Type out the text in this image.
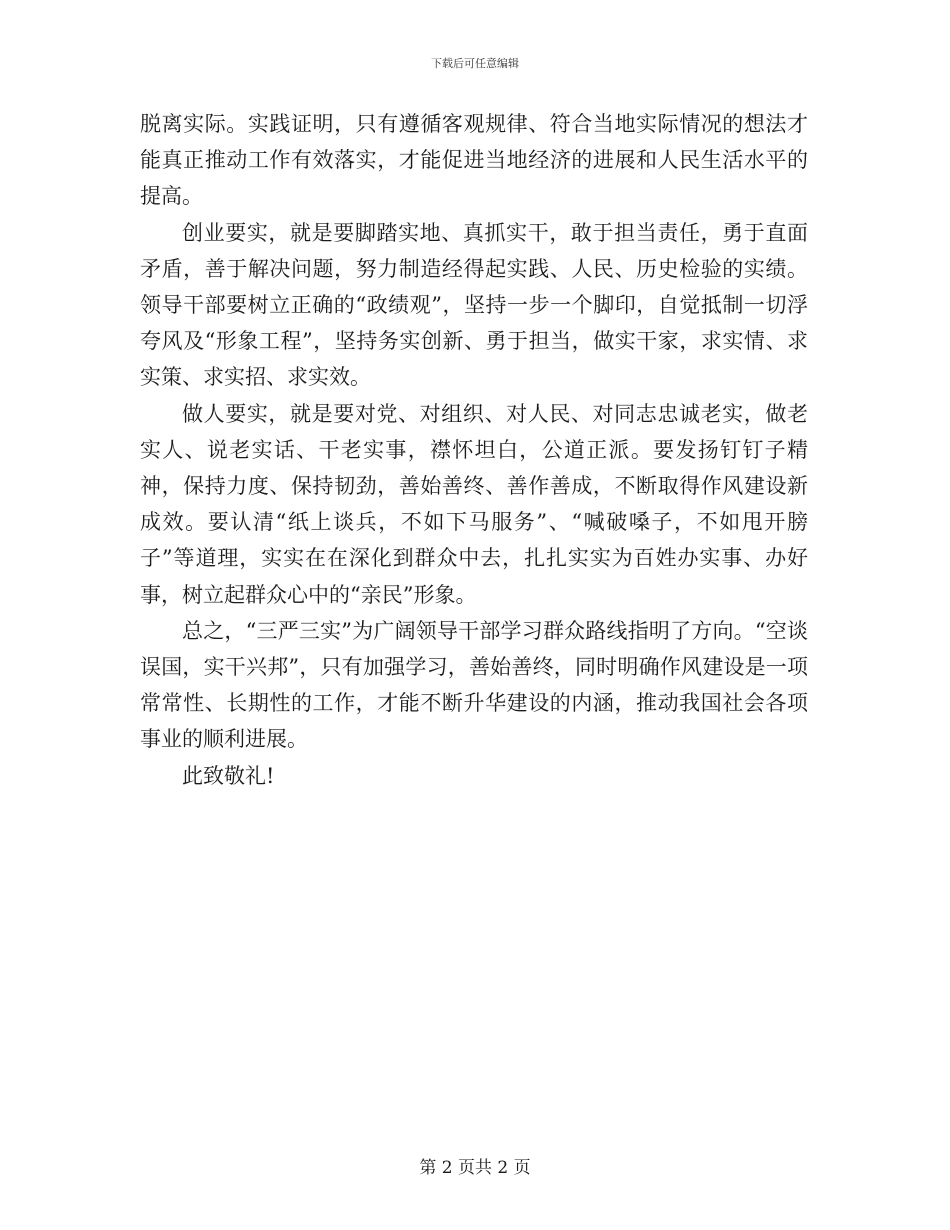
下载后可任意编辑

脱离实际。实践证明，只有遵循客观规律、符合当地实际情况的想法才能真正推动工作有效落实，才能促进当地经济的进展和人民生活水平的提高。

创业要实，就是要脚踏实地、真抓实干，敢于担当责任，勇于直面矛盾，善于解决问题，努力制造经得起实践、人民、历史检验的实绩。领导干部要树立正确的“政绩观”，坚持一步一个脚印，自觉抵制一切浮夸风及“形象工程”，坚持务实创新、勇于担当，做实干家，求实情、求实策、求实招、求实效。

做人要实，就是要对党、对组织、对人民、对同志忠诚老实，做老实人、说老实话、干老实事，襟怀坦白，公道正派。要发扬钉钉子精神，保持力度、保持韧劲，善始善终、善作善成，不断取得作风建设新成效。要认清“纸上谈兵，不如下马服务”、“喊破嗓子，不如甩开膀子”等道理，实实在在深化到群众中去，扎扎实实为百姓办实事、办好事，树立起群众心中的“亲民”形象。

总之，“三严三实”为广阔领导干部学习群众路线指明了方向。“空谈误国，实干兴邦”，只有加强学习，善始善终，同时明确作风建设是一项常常性、长期性的工作，才能不断升华建设的内涵，推动我国社会各项事业的顺利进展。

此致敬礼!

第 2 页共 2 页
